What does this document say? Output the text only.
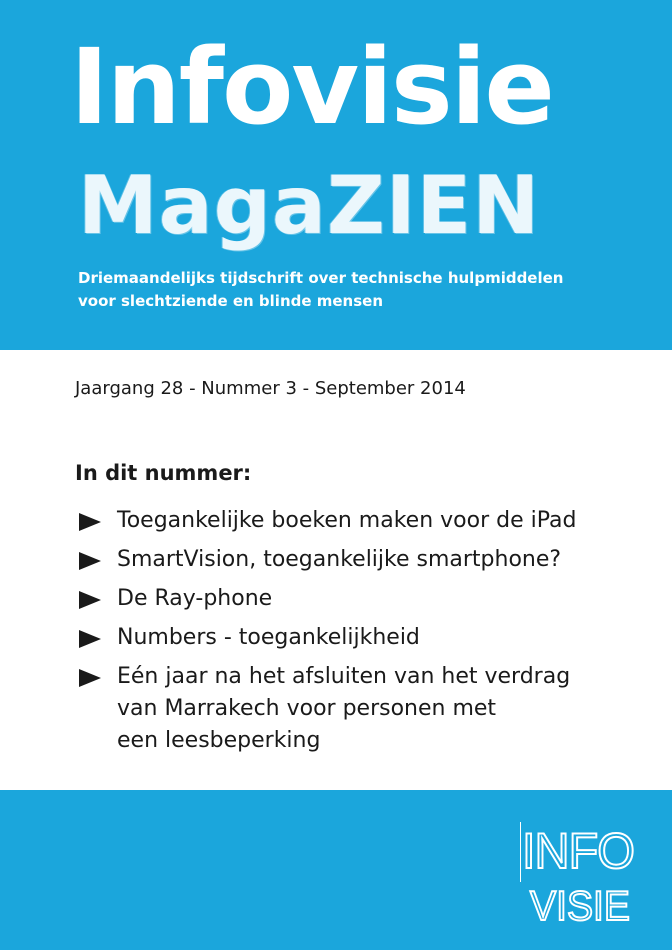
Infovisie
MagaZIEN
Driemaandelijks tijdschrift over technische hulpmiddelen
voor slechtziende en blinde mensen
Jaargang 28 - Nummer 3 - September 2014
In dit nummer:
Toegankelijke boeken maken voor de iPad
SmartVision, toegankelijke smartphone?
De Ray-phone
Numbers - toegankelijkheid
Eén jaar na het afsluiten van het verdrag
van Marrakech voor personen met
een leesbeperking
INFO
VISIE
